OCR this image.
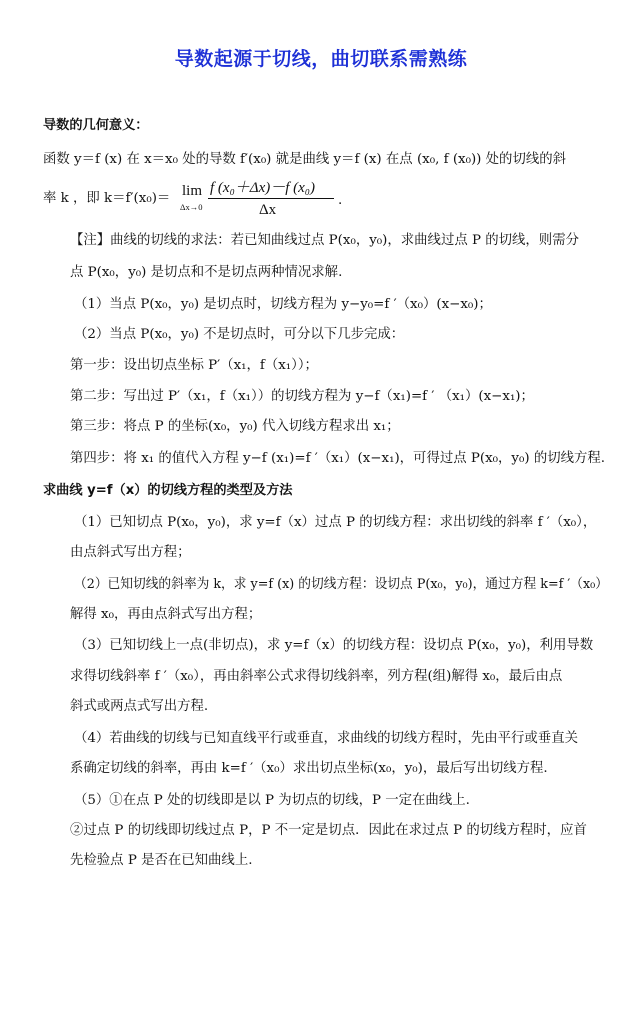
导数起源于切线，曲切联系需熟练
导数的几何意义：
函数 y＝f (x) 在 x＝x₀ 处的导数 f′(x₀) 就是曲线 y＝f (x) 在点 (x₀, f (x₀)) 处的切线的斜
率 k ，即 k＝f′(x₀)＝ lim
Δx→0
f (x₀＋Δx)－f (x₀)
Δx
.
【注】曲线的切线的求法：若已知曲线过点 P(x₀，y₀)，求曲线过点 P 的切线，则需分
点 P(x₀，y₀) 是切点和不是切点两种情况求解.
（1）当点 P(x₀，y₀) 是切点时，切线方程为 y−y₀=f ′（x₀）(x−x₀)；
（2）当点 P(x₀，y₀) 不是切点时，可分以下几步完成：
第一步：设出切点坐标 P′（x₁，f（x₁））；
第二步：写出过 P′（x₁，f（x₁））的切线方程为 y−f（x₁)=f ′ （x₁）(x−x₁)；
第三步：将点 P 的坐标(x₀，y₀) 代入切线方程求出 x₁；
第四步：将 x₁ 的值代入方程 y−f (x₁)=f ′（x₁）(x−x₁)，可得过点 P(x₀，y₀) 的切线方程.
求曲线 y=f（x）的切线方程的类型及方法
（1）已知切点 P(x₀，y₀)，求 y=f（x）过点 P 的切线方程：求出切线的斜率 f ′（x₀），
由点斜式写出方程；
（2）已知切线的斜率为 k，求 y=f (x) 的切线方程：设切点 P(x₀，y₀)，通过方程 k=f ′（x₀）
解得 x₀，再由点斜式写出方程；
（3）已知切线上一点(非切点)，求 y=f（x）的切线方程：设切点 P(x₀，y₀)，利用导数
求得切线斜率 f ′（x₀），再由斜率公式求得切线斜率，列方程(组)解得 x₀，最后由点
斜式或两点式写出方程.
（4）若曲线的切线与已知直线平行或垂直，求曲线的切线方程时，先由平行或垂直关
系确定切线的斜率，再由 k=f ′（x₀）求出切点坐标(x₀，y₀)，最后写出切线方程.
（5）①在点 P 处的切线即是以 P 为切点的切线，P 一定在曲线上.
②过点 P 的切线即切线过点 P，P 不一定是切点．因此在求过点 P 的切线方程时，应首
先检验点 P 是否在已知曲线上.
